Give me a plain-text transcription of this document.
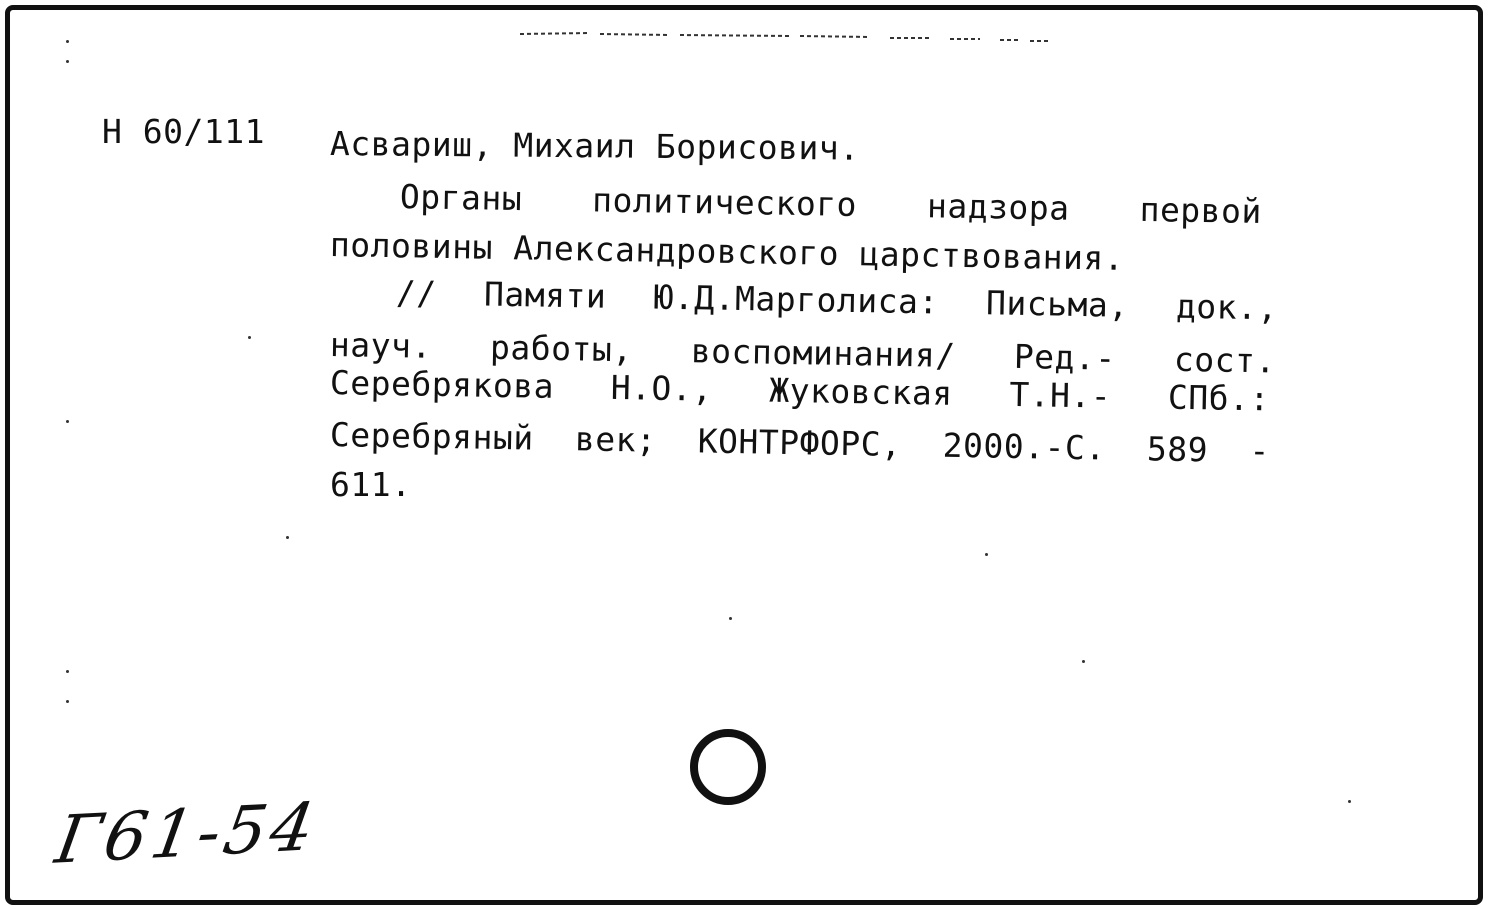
Н 60/111 Асвариш, Михаил Борисович.
Органы политического надзора первой
половины Александровского царствования.
// Памяти Ю.Д.Марголиса: Письма, док.,
науч. работы, воспоминания/ Ред.- сост.
Серебрякова Н.О., Жуковская Т.Н.- СПб.:
Серебряный век; КОНТРФОРС, 2000.-С. 589 -
611.
Г61-54
